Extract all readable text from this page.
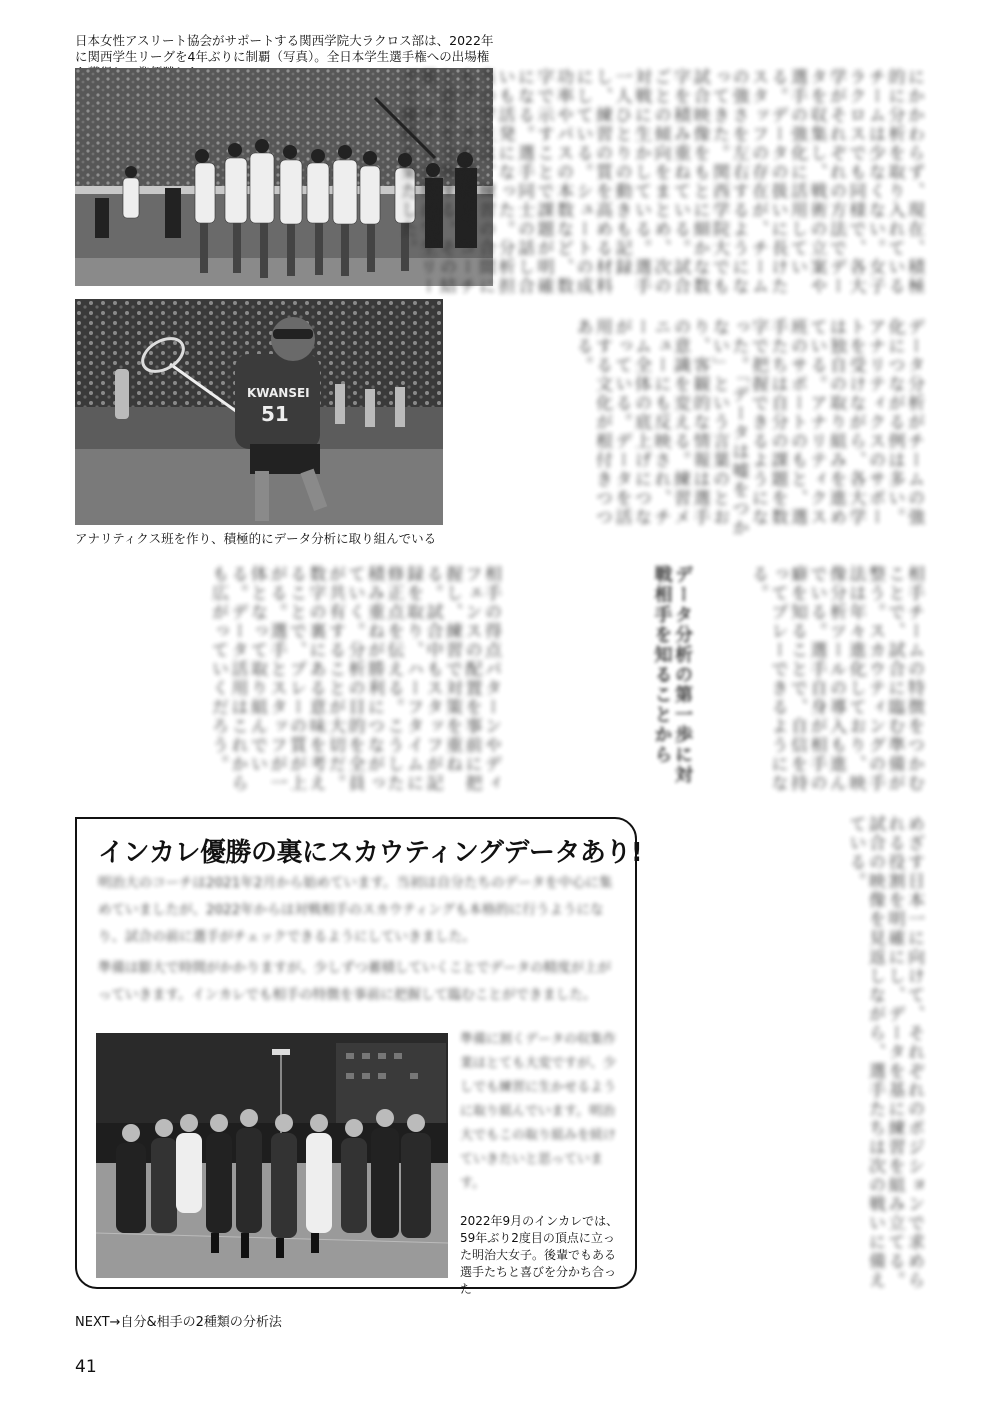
日本女性アスリート協会がサポートする関西学院大ラクロス部は、2022年に関西学生リーグを4年ぶりに制覇（写真）。全日本学生選手権への出場権
KWANSEI
51
アナリティクス班を作り、積極的にデータ分析に取り組んでいる
にかかわらず、現在、積極的に分析を取り入れているチームは少なくない。女子ラクロスでも同様で、各大学がそれぞれの方法でデータを収集し、戦術の立案や選手の強化に活用している。データの扱いに長けたスタッフの存在が、チームの強さを左右するようになってきた。関西学院大でも試合映像をもとに細かな数字を積み重ねている。試合ごとの傾向をまとめ、次の対戦に生かしている。選手一人ひとりの動きも記録し、練習の質を高める材料にしている。シュートの成功率やパスの本数など、数字で示すことで課題が明確になる。選手同士の話し合いも活発になった。分析担当の学生は、練習の合間にもデータを確認し、コーチと意見を交換する。その結果、チームは関西学生リーグで優勝を果たした。
データ分析がチームの強化につながる例は多い。アナリティクスのサポートを受けながら、各大学は独自の取り組みを進めている。アナリティクス班のサポートのもと、選手たちは自分の課題を数字で把握できるようになった。「データは嘘をつかない」という言葉のとおり、客観的な情報は選手の意識を変える。練習メニューにも反映され、チーム全体の底上げにつながっている。データを活用する文化が根付きつつある。
相手チームの特徴をつかむことで、試合に臨む準備が整う。スカウティングの手法は年々進化しており、映像分析ツールの導入も進んでいる。選手自身が相手の癖を知ることで、自信を持ってプレーできるようになる。
データ分析の第一歩に対戦相手を知ることから
相手の得点パターンやディフェンスの配置を事前に把握し、練習で対策を重ねる。試合中もスタッフが記録を取り、ハーフタイムに修正点を伝える。こうした積み重ねが勝利につながっていく。分析の目的を全員が共有することが大切だ。数字の裏にある意味を考えることで、プレーの質が上がる。選手とスタッフが一体となって取り組んでいる。データ活用はこれからも広がっていくだろう。
めざす日本一に向けて、それぞれのポジションで求められる役割を明確にし、データを基に練習を組み立てる。試合の映像を見返しながら、選手たちは次の戦いに備えている。
インカレ優勝の裏にスカウティングデータあり!
明治大のコーチは2021年2月から始めています。当初は自分たちのデータを中心に集めていましたが、2022年からは対戦相手のスカウティングも本格的に行うようになり、試合の前に選手がチェックできるようにしていきました。
準備は膨大で時間がかかりますが、少しずつ蓄積していくことでデータの精度が上がっていきます。インカレでも相手の特徴を事前に把握して臨むことができました。
準備に割くデータの収集作業はとても大変ですが、少しでも練習に生かせるように取り組んでいます。明治大でもこの取り組みを続けていきたいと思っています。
2022年9月のインカレでは、59年ぶり2度目の頂点に立った明治大女子。後輩でもある選手たちと喜びを分かち合った
NEXT→自分&相手の2種類の分析法
41
